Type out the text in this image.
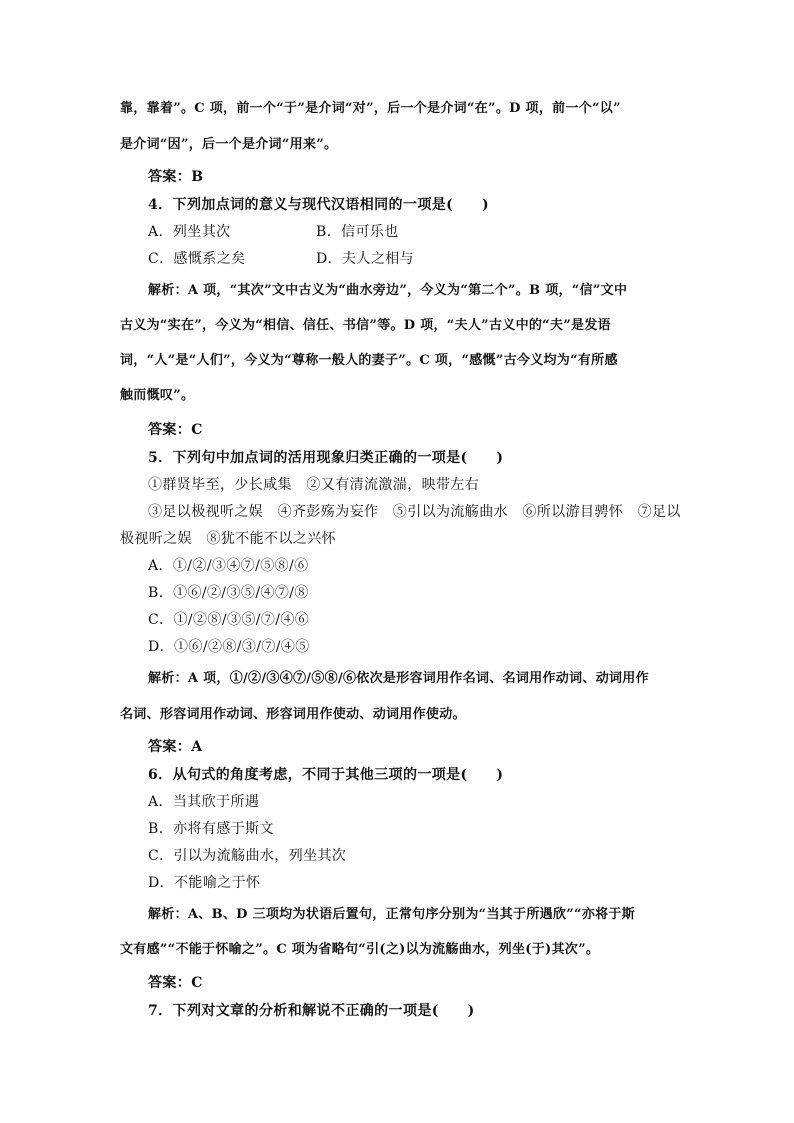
靠，靠着”。C 项，前一个“于”是介词“对”，后一个是介词“在”。D 项，前一个“以”
是介词“因”，后一个是介词“用来”。
答案：B
4．下列加点词的意义与现代汉语相同的一项是(　　)
A．列坐其次	B．信可乐也
C．感慨系之矣	D．夫人之相与
解析：A 项，“其次”文中古义为“曲水旁边”，今义为“第二个”。B 项，“信”文中
古义为“实在”，今义为“相信、信任、书信”等。D 项，“夫人”古义中的“夫”是发语
词，“人”是“人们”，今义为“尊称一般人的妻子”。C 项，“感慨”古今义均为“有所感
触而慨叹”。
答案：C
5．下列句中加点词的活用现象归类正确的一项是(　　)
①群贤毕至，少长咸集　②又有清流激湍，映带左右
③足以极视听之娱　④齐彭殇为妄作　⑤引以为流觞曲水　⑥所以游目骋怀　⑦足以
极视听之娱　⑧犹不能不以之兴怀
A．①/②/③④⑦/⑤⑧/⑥
B．①⑥/②/③⑤/④⑦/⑧
C．①/②⑧/③⑤/⑦/④⑥
D．①⑥/②⑧/③/⑦/④⑤
解析：A 项，①/②/③④⑦/⑤⑧/⑥依次是形容词用作名词、名词用作动词、动词用作
名词、形容词用作动词、形容词用作使动、动词用作使动。
答案：A
6．从句式的角度考虑，不同于其他三项的一项是(　　)
A．当其欣于所遇
B．亦将有感于斯文
C．引以为流觞曲水，列坐其次
D．不能喻之于怀
解析：A、B、D 三项均为状语后置句，正常句序分别为“当其于所遇欣”“亦将于斯
文有感”“不能于怀喻之”。C 项为省略句“引(之)以为流觞曲水，列坐(于)其次”。
答案：C
7．下列对文章的分析和解说不正确的一项是(　　)
